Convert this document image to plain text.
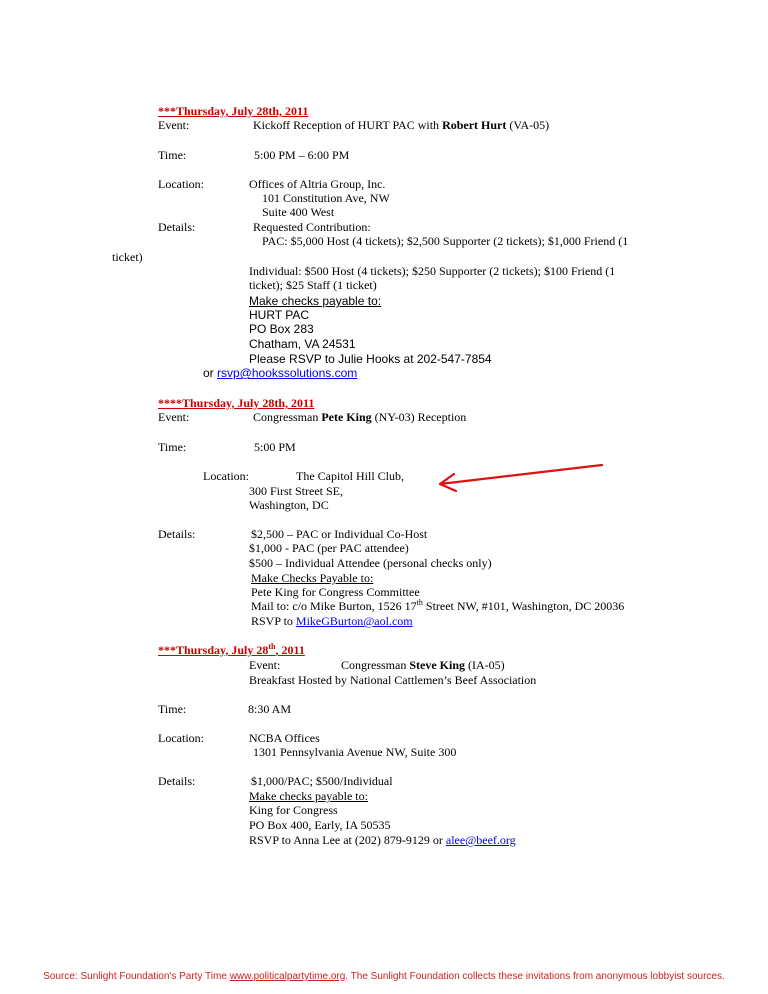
***Thursday, July 28th, 2011
Event:	Kickoff Reception of HURT PAC with Robert Hurt (VA-05)
Time:	5:00 PM – 6:00 PM
Location:	Offices of Altria Group, Inc.
101 Constitution Ave, NW
Suite 400 West
Details:	Requested Contribution:
PAC: $5,000 Host (4 tickets); $2,500 Supporter (2 tickets); $1,000 Friend (1
ticket)
Individual: $500 Host (4 tickets); $250 Supporter (2 tickets); $100 Friend (1
ticket); $25 Staff (1 ticket)
Make checks payable to:
HURT PAC
PO Box 283
Chatham, VA 24531
Please RSVP to Julie Hooks at 202-547-7854
or rsvp@hookssolutions.com
****Thursday, July 28th, 2011
Event:	Congressman Pete King (NY-03) Reception
Time:	5:00 PM
Location:	The Capitol Hill Club,
300 First Street SE,
Washington, DC
Details:	$2,500 – PAC or Individual Co-Host
$1,000 - PAC (per PAC attendee)
$500 – Individual Attendee (personal checks only)
Make Checks Payable to:
Pete King for Congress Committee
Mail to: c/o Mike Burton, 1526 17th Street NW, #101, Washington, DC 20036
RSVP to MikeGBurton@aol.com
***Thursday, July 28th, 2011
Event:	Congressman Steve King (IA-05)
Breakfast Hosted by National Cattlemen’s Beef Association
Time:	8:30 AM
Location:	NCBA Offices
1301 Pennsylvania Avenue NW, Suite 300
Details:	$1,000/PAC; $500/Individual
Make checks payable to:
King for Congress
PO Box 400, Early, IA 50535
RSVP to Anna Lee at (202) 879-9129 or alee@beef.org
Source: Sunlight Foundation's Party Time www.politicalpartytime.org. The Sunlight Foundation collects these invitations from anonymous lobbyist sources.
